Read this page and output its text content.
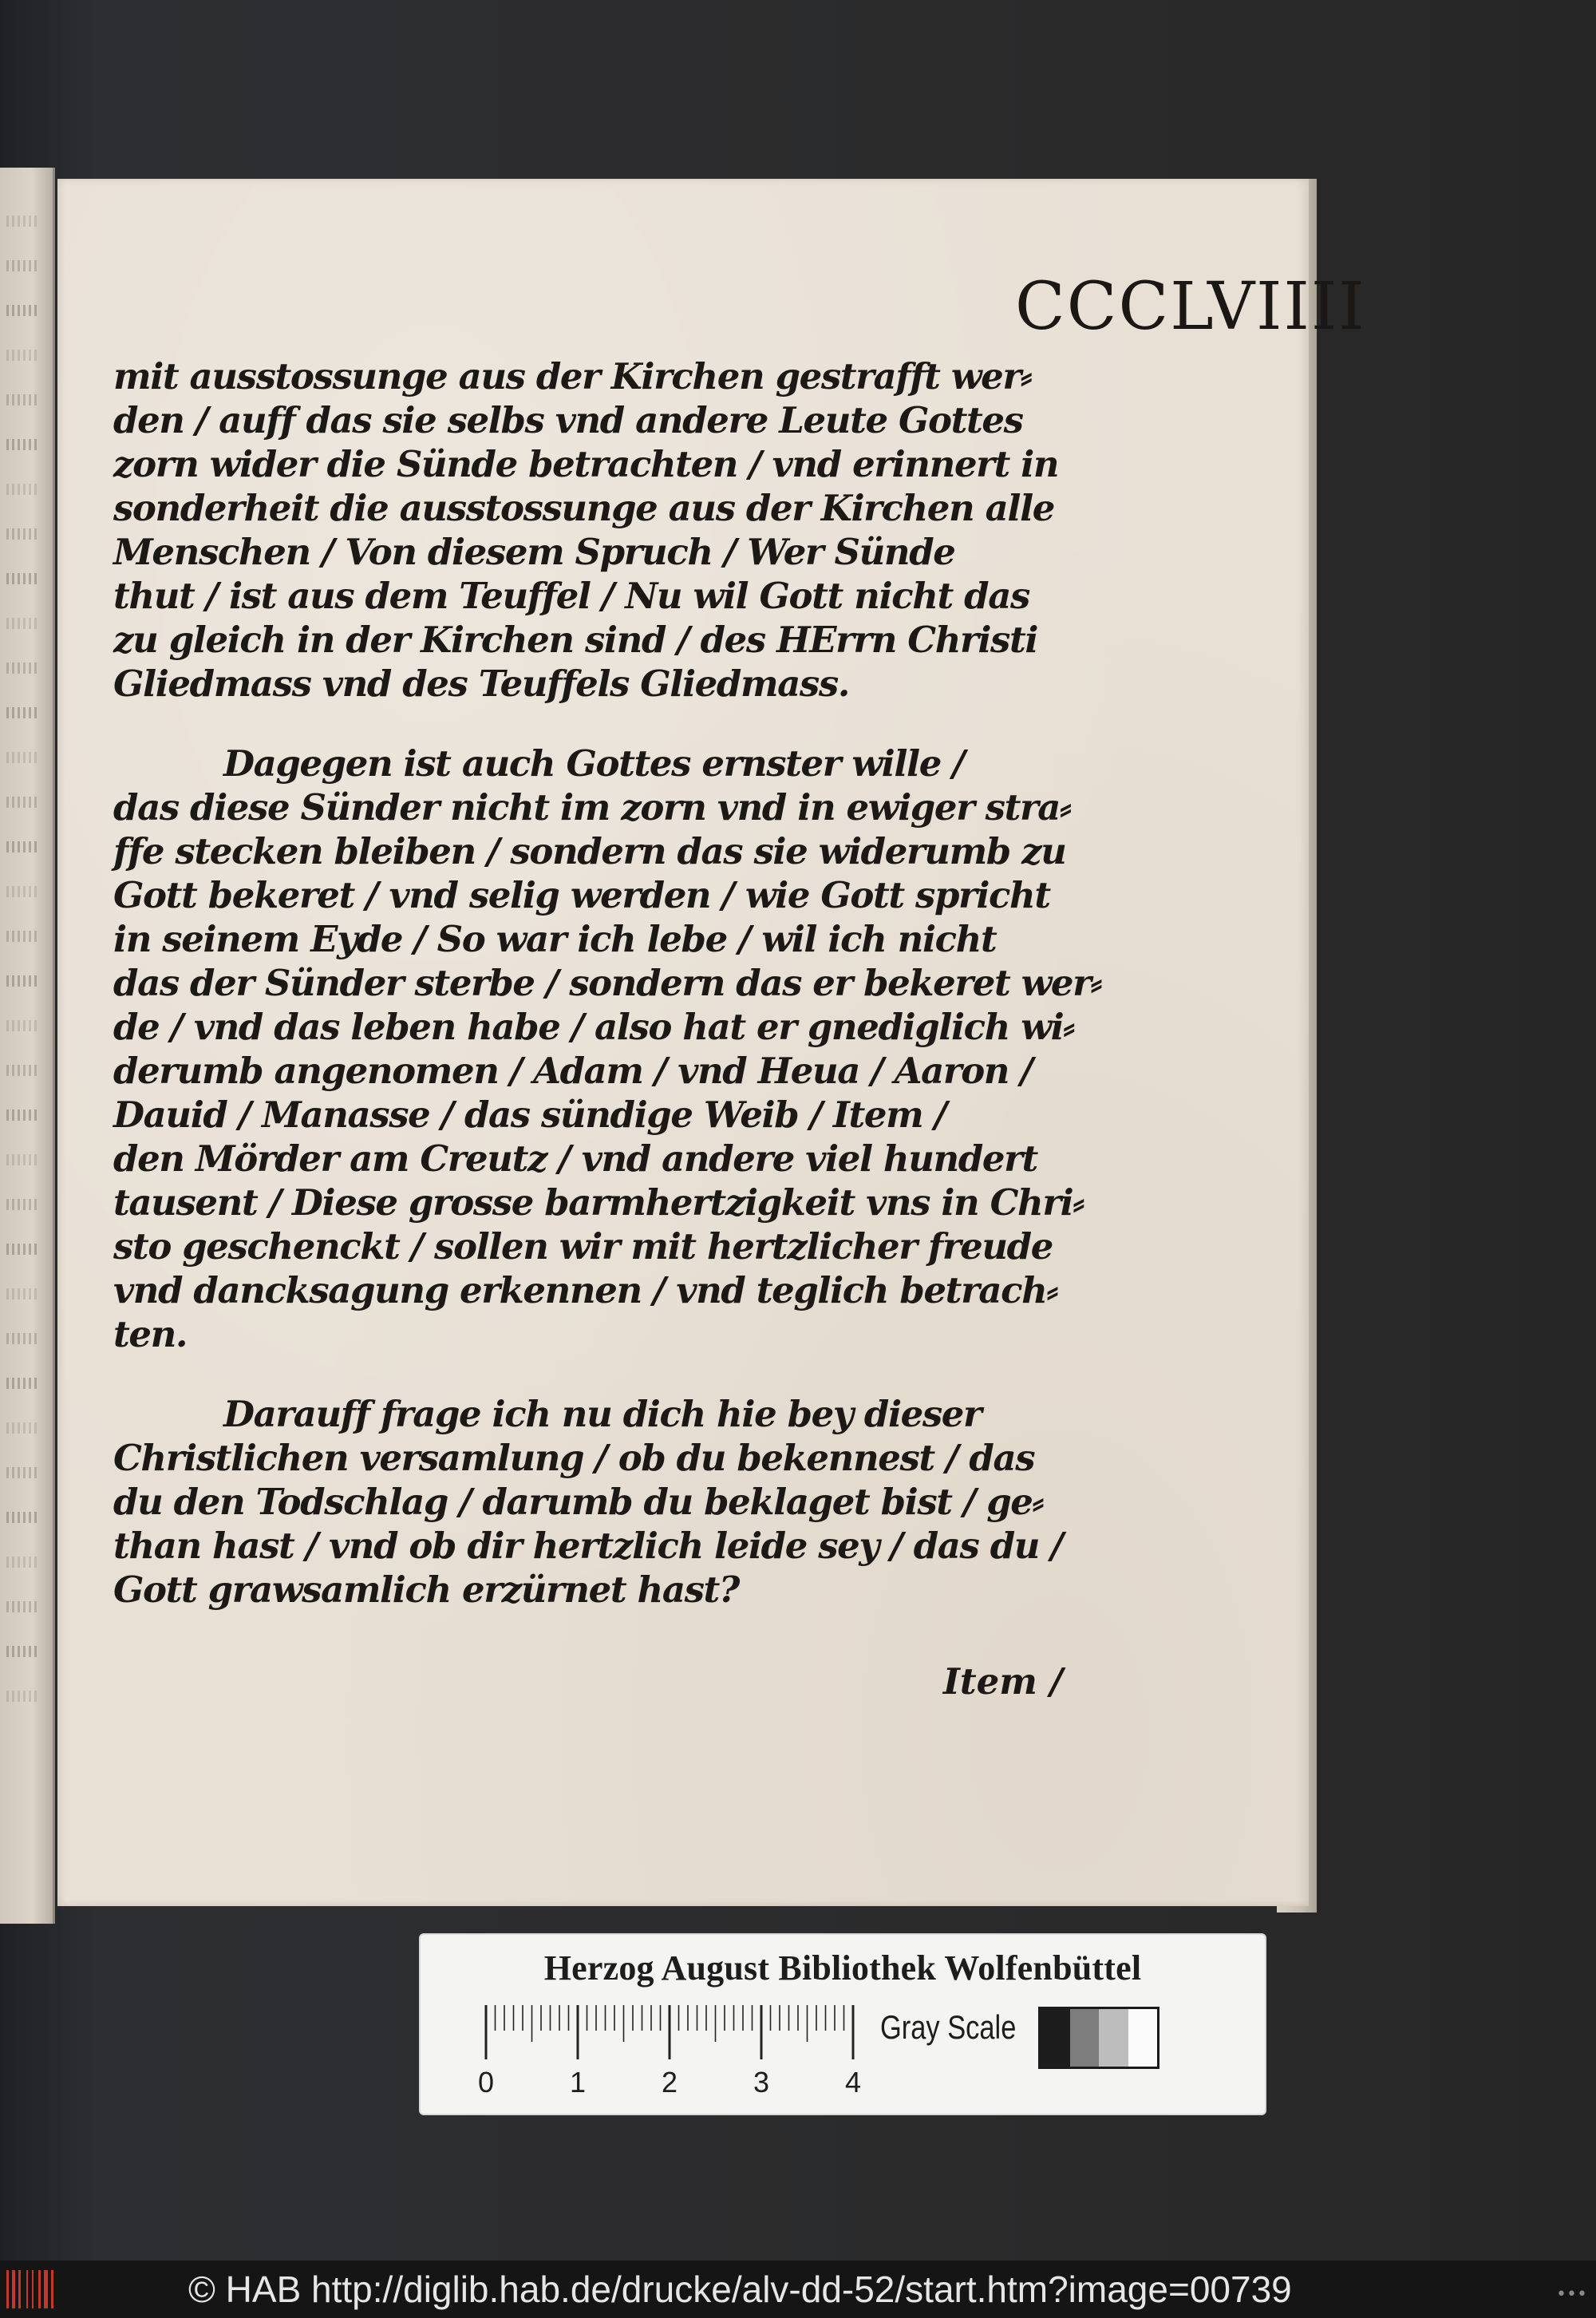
CCCLVIIII
mit ausstossunge aus der Kirchen gestrafft wer⸗
den / auff das sie selbs vnd andere Leute Gottes
zorn wider die Sünde betrachten / vnd erinnert in
sonderheit die ausstossunge aus der Kirchen alle
Menschen / Von diesem Spruch / Wer Sünde
thut / ist aus dem Teuffel / Nu wil Gott nicht das
zu gleich in der Kirchen sind / des HErrn Christi
Gliedmass vnd des Teuffels Gliedmass.
Dagegen ist auch Gottes ernster wille /
das diese Sünder nicht im zorn vnd in ewiger stra⸗
ffe stecken bleiben / sondern das sie widerumb zu
Gott bekeret / vnd selig werden / wie Gott spricht
in seinem Eyde / So war ich lebe / wil ich nicht
das der Sünder sterbe / sondern das er bekeret wer⸗
de / vnd das leben habe / also hat er gnediglich wi⸗
derumb angenomen / Adam / vnd Heua / Aaron /
Dauid / Manasse / das sündige Weib / Item /
den Mörder am Creutz / vnd andere viel hundert
tausent / Diese grosse barmhertzigkeit vns in Chri⸗
sto geschenckt / sollen wir mit hertzlicher freude
vnd dancksagung erkennen / vnd teglich betrach⸗
ten.
Darauff frage ich nu dich hie bey dieser
Christlichen versamlung / ob du bekennest / das
du den Todschlag / darumb du beklaget bist / ge⸗
than hast / vnd ob dir hertzlich leide sey / das du /
Gott grawsamlich erzürnet hast?
Item /
Herzog August Bibliothek Wolfenbüttel
0	1	2	3	4
Gray Scale
© HAB http://diglib.hab.de/drucke/alv-dd-52/start.htm?image=00739	•••
